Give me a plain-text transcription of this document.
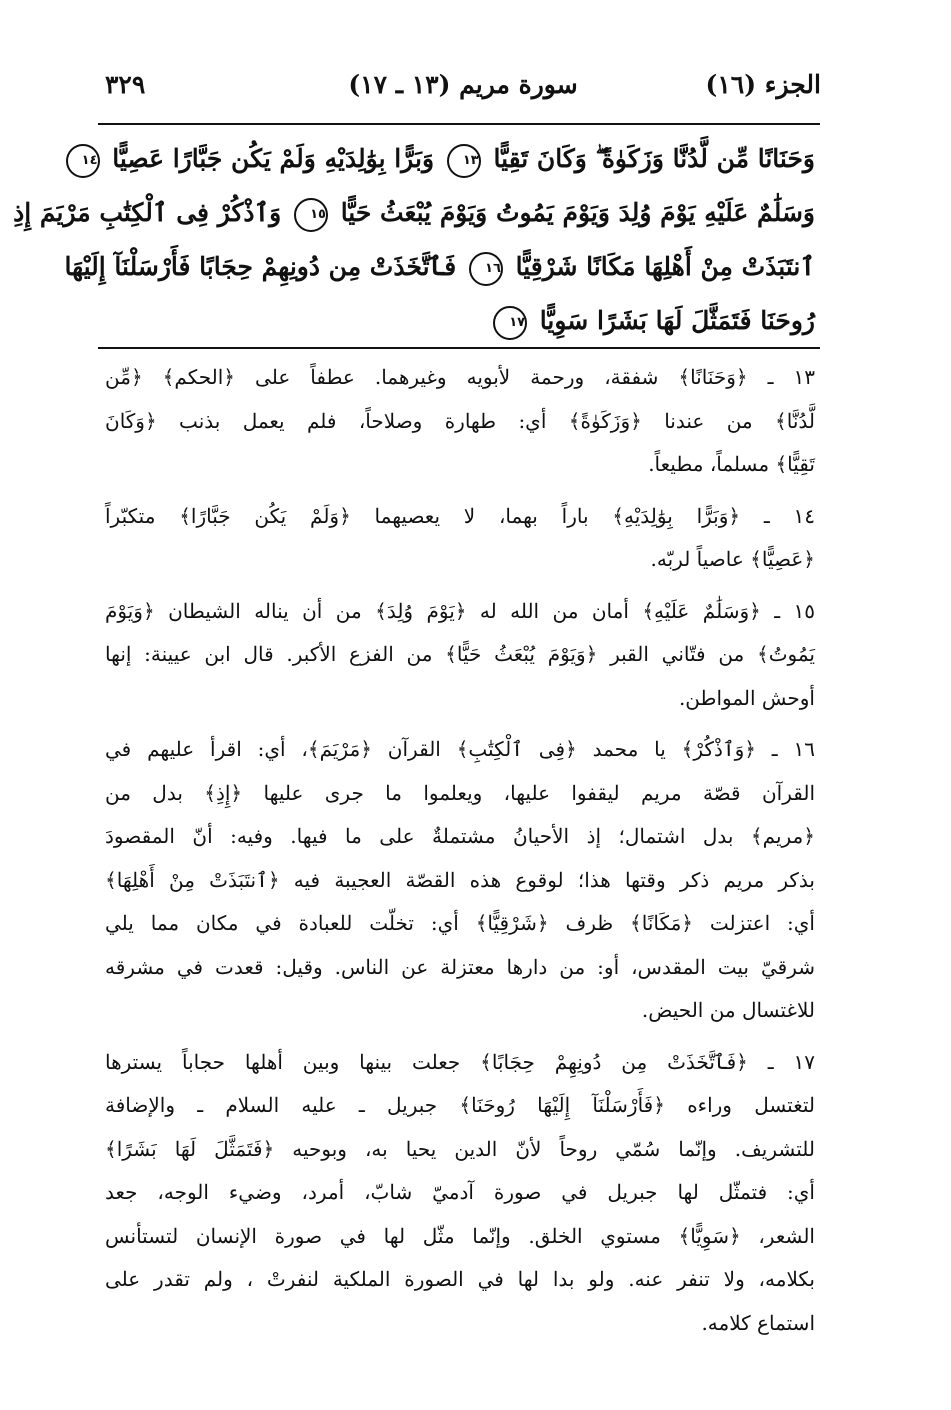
الجزء (١٦)
سورة مريم (١٣ ـ ١٧)
٣٢٩
وَحَنَانًا مِّن لَّدُنَّا وَزَكَوٰةً ۖ وَكَانَ تَقِيًّا ١٣ وَبَرًّا بِوَٰلِدَيْهِ وَلَمْ يَكُن جَبَّارًا عَصِيًّا ١٤
وَسَلَٰمٌ عَلَيْهِ يَوْمَ وُلِدَ وَيَوْمَ يَمُوتُ وَيَوْمَ يُبْعَثُ حَيًّا ١٥ وَٱذْكُرْ فِى ٱلْكِتَٰبِ مَرْيَمَ إِذِ
ٱنتَبَذَتْ مِنْ أَهْلِهَا مَكَانًا شَرْقِيًّا ١٦ فَٱتَّخَذَتْ مِن دُونِهِمْ حِجَابًا فَأَرْسَلْنَآ إِلَيْهَا
رُوحَنَا فَتَمَثَّلَ لَهَا بَشَرًا سَوِيًّا ١٧
١٣ ـ ﴿وَحَنَانًا﴾ شفقة، ورحمة لأبويه وغيرهما. عطفاً على ﴿الحكم﴾ ﴿مِّن
لَّدُنَّا﴾ من عندنا ﴿وَزَكَوٰةً﴾ أي: طهارة وصلاحاً، فلم يعمل بذنب ﴿وَكَانَ
تَقِيًّا﴾ مسلماً، مطيعاً.
١٤ ـ ﴿وَبَرًّا بِوَٰلِدَيْهِ﴾ باراً بهما، لا يعصيهما ﴿وَلَمْ يَكُن جَبَّارًا﴾ متكبّراً
﴿عَصِيًّا﴾ عاصياً لربّه.
١٥ ـ ﴿وَسَلَٰمٌ عَلَيْهِ﴾ أمان من الله له ﴿يَوْمَ وُلِدَ﴾ من أن يناله الشيطان ﴿وَيَوْمَ
يَمُوتُ﴾ من فتّاني القبر ﴿وَيَوْمَ يُبْعَثُ حَيًّا﴾ من الفزع الأكبر. قال ابن عيينة: إنها
أوحش المواطن.
١٦ ـ ﴿وَٱذْكُرْ﴾ يا محمد ﴿فِى ٱلْكِتَٰبِ﴾ القرآن ﴿مَرْيَمَ﴾، أي: اقرأ عليهم في
القرآن قصّة مريم ليقفوا عليها، ويعلموا ما جرى عليها ﴿إِذِ﴾ بدل من
﴿مريم﴾ بدل اشتمال؛ إذ الأحيانُ مشتملةٌ على ما فيها. وفيه: أنّ المقصودَ
بذكر مريم ذكر وقتها هذا؛ لوقوع هذه القصّة العجيبة فيه ﴿ٱنتَبَذَتْ مِنْ أَهْلِهَا﴾
أي: اعتزلت ﴿مَكَانًا﴾ ظرف ﴿شَرْقِيًّا﴾ أي: تخلّت للعبادة في مكان مما يلي
شرقيّ بيت المقدس، أو: من دارها معتزلة عن الناس. وقيل: قعدت في مشرقه
للاغتسال من الحيض.
١٧ ـ ﴿فَٱتَّخَذَتْ مِن دُونِهِمْ حِجَابًا﴾ جعلت بينها وبين أهلها حجاباً يسترها
لتغتسل وراءه ﴿فَأَرْسَلْنَآ إِلَيْهَا رُوحَنَا﴾ جبريل ـ عليه السلام ـ والإضافة
للتشريف. وإنّما سُمّي روحاً لأنّ الدين يحيا به، وبوحيه ﴿فَتَمَثَّلَ لَهَا بَشَرًا﴾
أي: فتمثّل لها جبريل في صورة آدميّ شابّ، أمرد، وضيء الوجه، جعد
الشعر، ﴿سَوِيًّا﴾ مستوي الخلق. وإنّما مثّل لها في صورة الإنسان لتستأنس
بكلامه، ولا تنفر عنه. ولو بدا لها في الصورة الملكية لنفرتْ ، ولم تقدر على
استماع كلامه.
